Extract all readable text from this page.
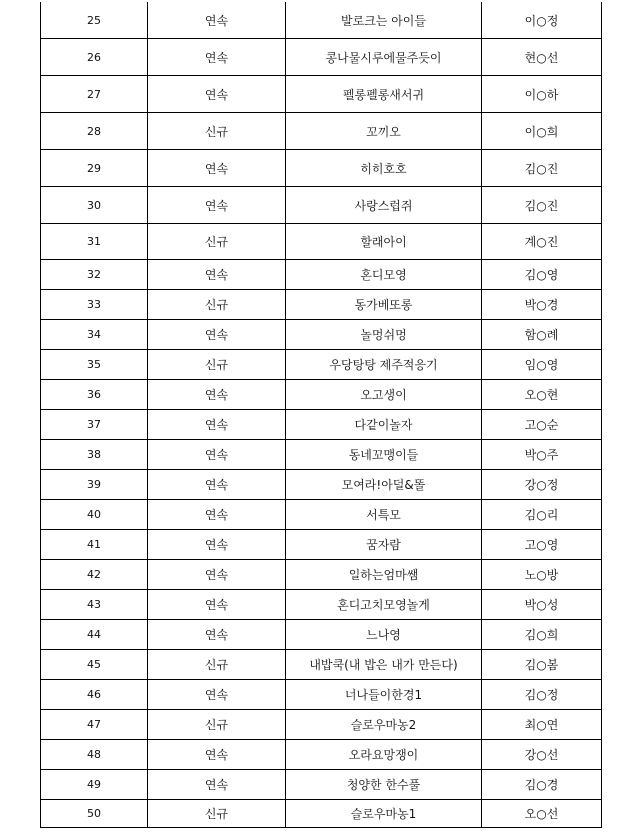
25	연속	발로크는 아이들	이○정
26	연속	콩나물시루에물주듯이	현○선
27	연속	펠롱펠롱새서귀	이○하
28	신규	꼬끼오	이○희
29	연속	히히호호	김○진
30	연속	사랑스럽쥐	김○진
31	신규	할래아이	계○진
32	연속	혼디모영	김○영
33	신규	동가베또롱	박○경
34	연속	놀멍쉬멍	함○례
35	신규	우당탕탕 제주적응기	임○영
36	연속	오고생이	오○현
37	연속	다같이놀자	고○순
38	연속	동네꼬맹이들	박○주
39	연속	모여라!아덜&똘	강○정
40	연속	서특모	김○리
41	연속	꿈자람	고○영
42	연속	일하는엄마쌤	노○방
43	연속	혼디고치모영놀게	박○성
44	연속	느나영	김○희
45	신규	내밥쿡(내 밥은 내가 만든다)	김○봄
46	연속	너나들이한경1	김○정
47	신규	슬로우마농2	최○연
48	연속	오라요망쟁이	강○선
49	연속	청양한 한수풀	김○경
50	신규	슬로우마농1	오○선
